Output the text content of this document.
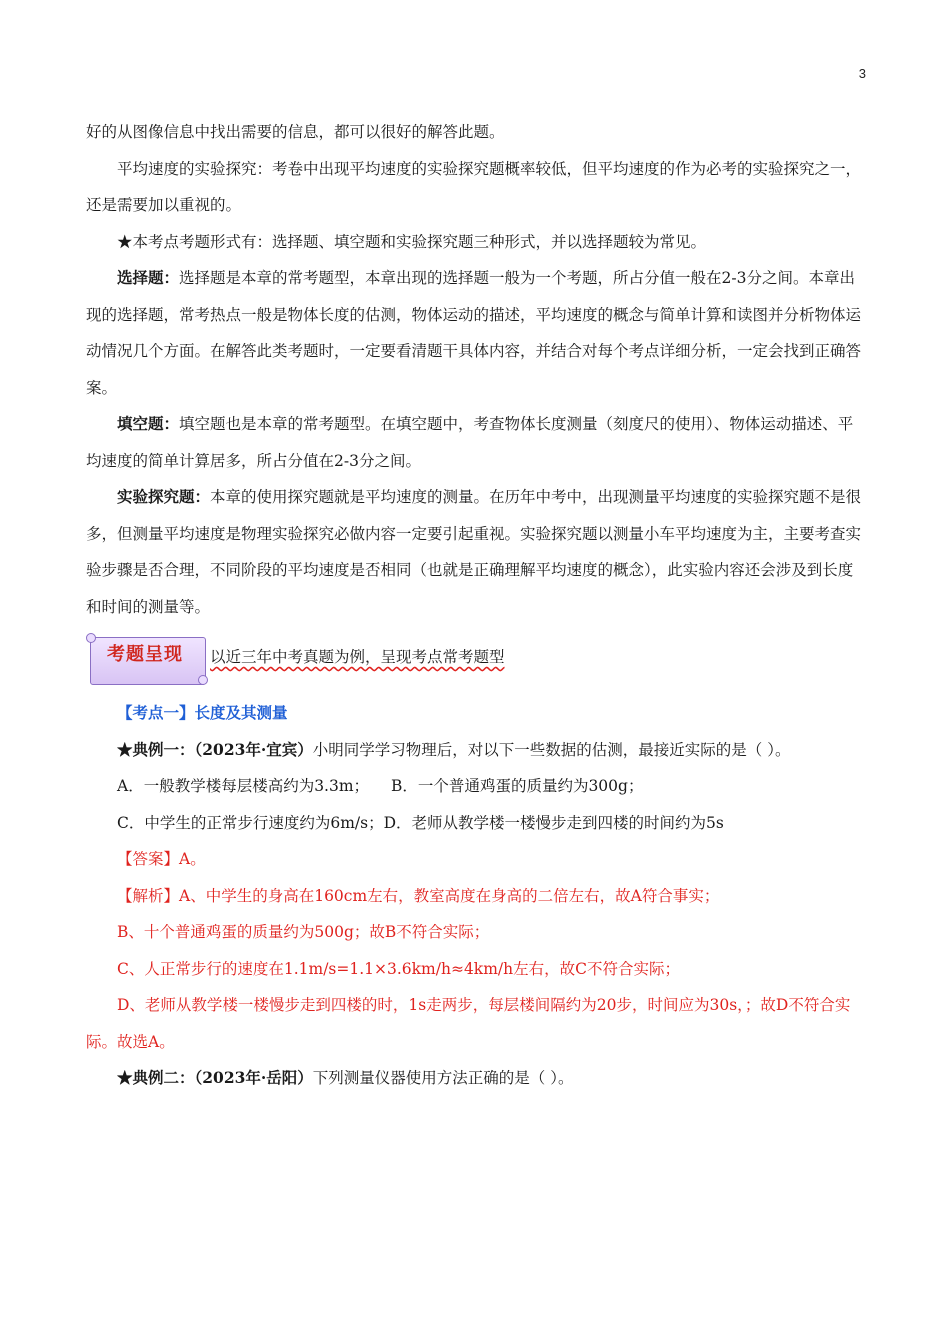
3

好的从图像信息中找出需要的信息，都可以很好的解答此题。

平均速度的实验探究：考卷中出现平均速度的实验探究题概率较低，但平均速度的作为必考的实验探究之一，还是需要加以重视的。

★本考点考题形式有：选择题、填空题和实验探究题三种形式，并以选择题较为常见。

选择题：选择题是本章的常考题型，本章出现的选择题一般为一个考题，所占分值一般在2-3分之间。本章出现的选择题，常考热点一般是物体长度的估测，物体运动的描述，平均速度的概念与简单计算和读图并分析物体运动情况几个方面。在解答此类考题时，一定要看清题干具体内容，并结合对每个考点详细分析，一定会找到正确答案。

填空题：填空题也是本章的常考题型。在填空题中，考查物体长度测量（刻度尺的使用）、物体运动描述、平均速度的简单计算居多，所占分值在2-3分之间。

实验探究题：本章的使用探究题就是平均速度的测量。在历年中考中，出现测量平均速度的实验探究题不是很多，但测量平均速度是物理实验探究必做内容一定要引起重视。实验探究题以测量小车平均速度为主，主要考查实验步骤是否合理，不同阶段的平均速度是否相同（也就是正确理解平均速度的概念），此实验内容还会涉及到长度和时间的测量等。

考题呈现	以近三年中考真题为例，呈现考点常考题型

【考点一】长度及其测量

★典例一：（2023年·宜宾）小明同学学习物理后，对以下一些数据的估测，最接近实际的是（ ）。

A．一般教学楼每层楼高约为3.3m； B．一个普通鸡蛋的质量约为300g；

C．中学生的正常步行速度约为6m/s；D．老师从教学楼一楼慢步走到四楼的时间约为5s

【答案】A。

【解析】A、中学生的身高在160cm左右，教室高度在身高的二倍左右，故A符合事实；

B、十个普通鸡蛋的质量约为500g；故B不符合实际；

C、人正常步行的速度在1.1m/s=1.1×3.6km/h≈4km/h左右，故C不符合实际；

D、老师从教学楼一楼慢步走到四楼的时，1s走两步，每层楼间隔约为20步，时间应为30s，；故D不符合实际。故选A。

★典例二：（2023年·岳阳）下列测量仪器使用方法正确的是（ ）。
